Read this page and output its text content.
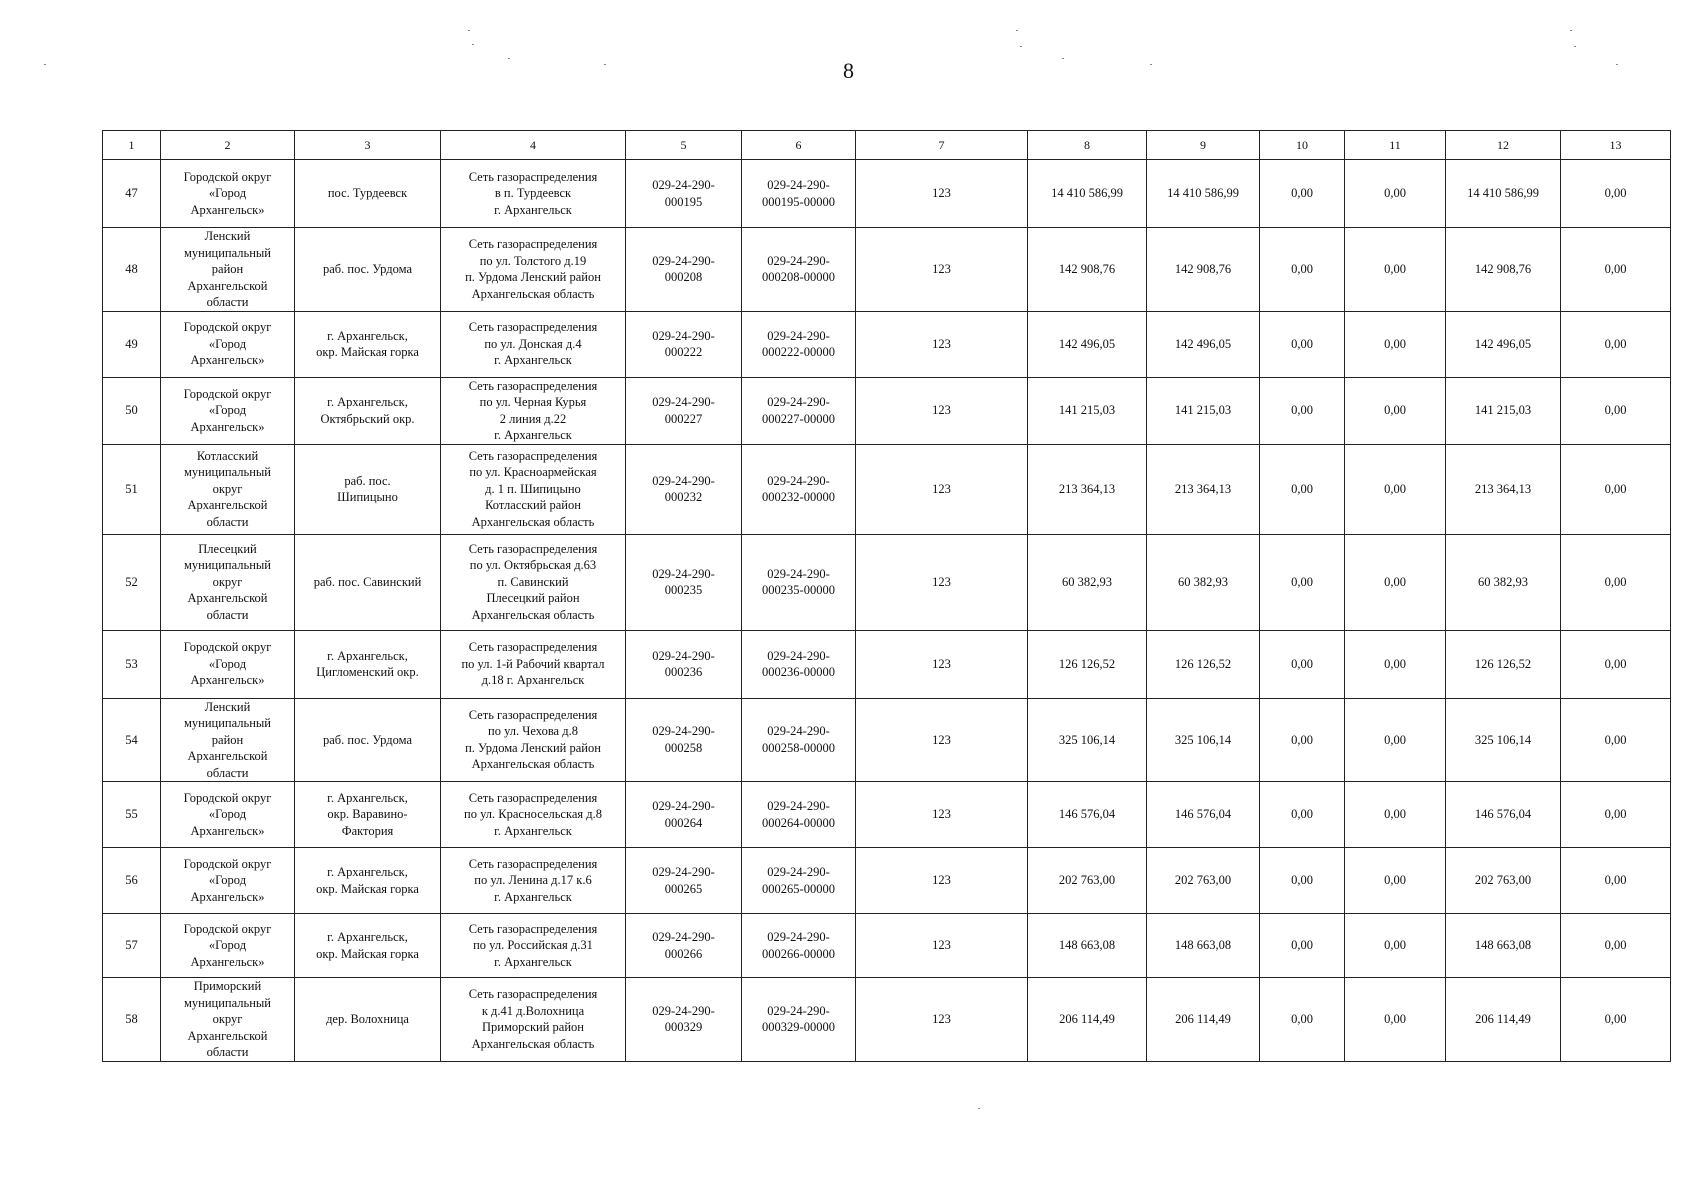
8
1	2	3	4	5	6	7	8	9	10	11	12	13
47	Городской округ
«Город
Архангельск»	пос. Турдеевск	Сеть газораспределения
в п. Турдеевск
г. Архангельск	029-24-290-
000195	029-24-290-
000195-00000	123	14 410 586,99	14 410 586,99	0,00	0,00	14 410 586,99	0,00
48	Ленский
муниципальный
район
Архангельской
области	раб. пос. Урдома	Сеть газораспределения
по ул. Толстого д.19
п. Урдома Ленский район
Архангельская область	029-24-290-
000208	029-24-290-
000208-00000	123	142 908,76	142 908,76	0,00	0,00	142 908,76	0,00
49	Городской округ
«Город
Архангельск»	г. Архангельск,
окр. Майская горка	Сеть газораспределения
по ул. Донская д.4
г. Архангельск	029-24-290-
000222	029-24-290-
000222-00000	123	142 496,05	142 496,05	0,00	0,00	142 496,05	0,00
50	Городской округ
«Город
Архангельск»	г. Архангельск,
Октябрьский окр.	Сеть газораспределения
по ул. Черная Курья
2 линия д.22
г. Архангельск	029-24-290-
000227	029-24-290-
000227-00000	123	141 215,03	141 215,03	0,00	0,00	141 215,03	0,00
51	Котласский
муниципальный
округ
Архангельской
области	раб. пос.
Шипицыно	Сеть газораспределения
по ул. Красноармейская
д. 1 п. Шипицыно
Котласский район
Архангельская область	029-24-290-
000232	029-24-290-
000232-00000	123	213 364,13	213 364,13	0,00	0,00	213 364,13	0,00
52	Плесецкий
муниципальный
округ
Архангельской
области	раб. пос. Савинский	Сеть газораспределения
по ул. Октябрьская д.63
п. Савинский
Плесецкий район
Архангельская область	029-24-290-
000235	029-24-290-
000235-00000	123	60 382,93	60 382,93	0,00	0,00	60 382,93	0,00
53	Городской округ
«Город
Архангельск»	г. Архангельск,
Цигломенский окр.	Сеть газораспределения
по ул. 1-й Рабочий квартал
д.18 г. Архангельск	029-24-290-
000236	029-24-290-
000236-00000	123	126 126,52	126 126,52	0,00	0,00	126 126,52	0,00
54	Ленский
муниципальный
район
Архангельской
области	раб. пос. Урдома	Сеть газораспределения
по ул. Чехова д.8
п. Урдома Ленский район
Архангельская область	029-24-290-
000258	029-24-290-
000258-00000	123	325 106,14	325 106,14	0,00	0,00	325 106,14	0,00
55	Городской округ
«Город
Архангельск»	г. Архангельск,
окр. Варавино-
Фактория	Сеть газораспределения
по ул. Красносельская д.8
г. Архангельск	029-24-290-
000264	029-24-290-
000264-00000	123	146 576,04	146 576,04	0,00	0,00	146 576,04	0,00
56	Городской округ
«Город
Архангельск»	г. Архангельск,
окр. Майская горка	Сеть газораспределения
по ул. Ленина д.17 к.6
г. Архангельск	029-24-290-
000265	029-24-290-
000265-00000	123	202 763,00	202 763,00	0,00	0,00	202 763,00	0,00
57	Городской округ
«Город
Архангельск»	г. Архангельск,
окр. Майская горка	Сеть газораспределения
по ул. Российская д.31
г. Архангельск	029-24-290-
000266	029-24-290-
000266-00000	123	148 663,08	148 663,08	0,00	0,00	148 663,08	0,00
58	Приморский
муниципальный
округ
Архангельской
области	дер. Волохница	Сеть газораспределения
к д.41 д.Волохница
Приморский район
Архангельская область	029-24-290-
000329	029-24-290-
000329-00000	123	206 114,49	206 114,49	0,00	0,00	206 114,49	0,00
